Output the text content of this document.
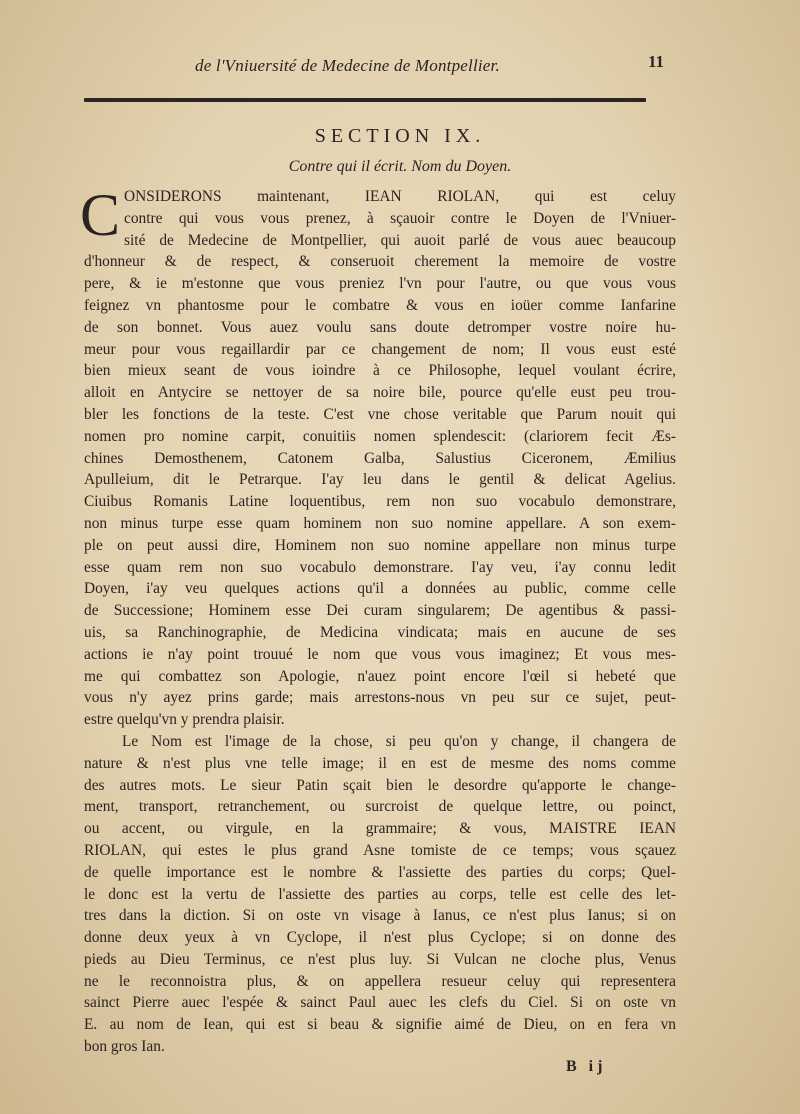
de l'Vniuersité de Medecine de Montpellier.	11
SECTION IX.
Contre qui il écrit. Nom du Doyen.
C ONSIDERONS maintenant, IEAN RIOLAN, qui est celuy
contre qui vous vous prenez, à sçauoir contre le Doyen de l'Vniuer-
sité de Medecine de Montpellier, qui auoit parlé de vous auec beaucoup
d'honneur & de respect, & conseruoit cherement la memoire de vostre
pere, & ie m'estonne que vous preniez l'vn pour l'autre, ou que vous vous
feignez vn phantosme pour le combatre & vous en ioüer comme Ianfarine
de son bonnet. Vous auez voulu sans doute detromper vostre noire hu-
meur pour vous regaillardir par ce changement de nom; Il vous eust esté
bien mieux seant de vous ioindre à ce Philosophe, lequel voulant écrire,
alloit en Antycire se nettoyer de sa noire bile, pource qu'elle eust peu trou-
bler les fonctions de la teste. C'est vne chose veritable que Parum nouit qui
nomen pro nomine carpit, conuitiis nomen splendescit: (clariorem fecit Æs-
chines Demosthenem, Catonem Galba, Salustius Ciceronem, Æmilius
Apulleium, dit le Petrarque. I'ay leu dans le gentil & delicat Agelius.
Ciuibus Romanis Latine loquentibus, rem non suo vocabulo demonstrare,
non minus turpe esse quam hominem non suo nomine appellare. A son exem-
ple on peut aussi dire, Hominem non suo nomine appellare non minus turpe
esse quam rem non suo vocabulo demonstrare. I'ay veu, i'ay connu ledit
Doyen, i'ay veu quelques actions qu'il a données au public, comme celle
de Successione; Hominem esse Dei curam singularem; De agentibus & passi-
uis, sa Ranchinographie, de Medicina vindicata; mais en aucune de ses
actions ie n'ay point trouué le nom que vous vous imaginez; Et vous mes-
me qui combattez son Apologie, n'auez point encore l'œil si hebeté que
vous n'y ayez prins garde; mais arrestons-nous vn peu sur ce sujet, peut-
estre quelqu'vn y prendra plaisir.
Le Nom est l'image de la chose, si peu qu'on y change, il changera de
nature & n'est plus vne telle image; il en est de mesme des noms comme
des autres mots. Le sieur Patin sçait bien le desordre qu'apporte le change-
ment, transport, retranchement, ou surcroist de quelque lettre, ou poinct,
ou accent, ou virgule, en la grammaire; & vous, MAISTRE IEAN
RIOLAN, qui estes le plus grand Asne tomiste de ce temps; vous sçauez
de quelle importance est le nombre & l'assiette des parties du corps; Quel-
le donc est la vertu de l'assiette des parties au corps, telle est celle des let-
tres dans la diction. Si on oste vn visage à Ianus, ce n'est plus Ianus; si on
donne deux yeux à vn Cyclope, il n'est plus Cyclope; si on donne des
pieds au Dieu Terminus, ce n'est plus luy. Si Vulcan ne cloche plus, Venus
ne le reconnoistra plus, & on appellera resueur celuy qui representera
sainct Pierre auec l'espée & sainct Paul auec les clefs du Ciel. Si on oste vn
E. au nom de Iean, qui est si beau & signifie aimé de Dieu, on en fera vn
bon gros Ian.
B ij
